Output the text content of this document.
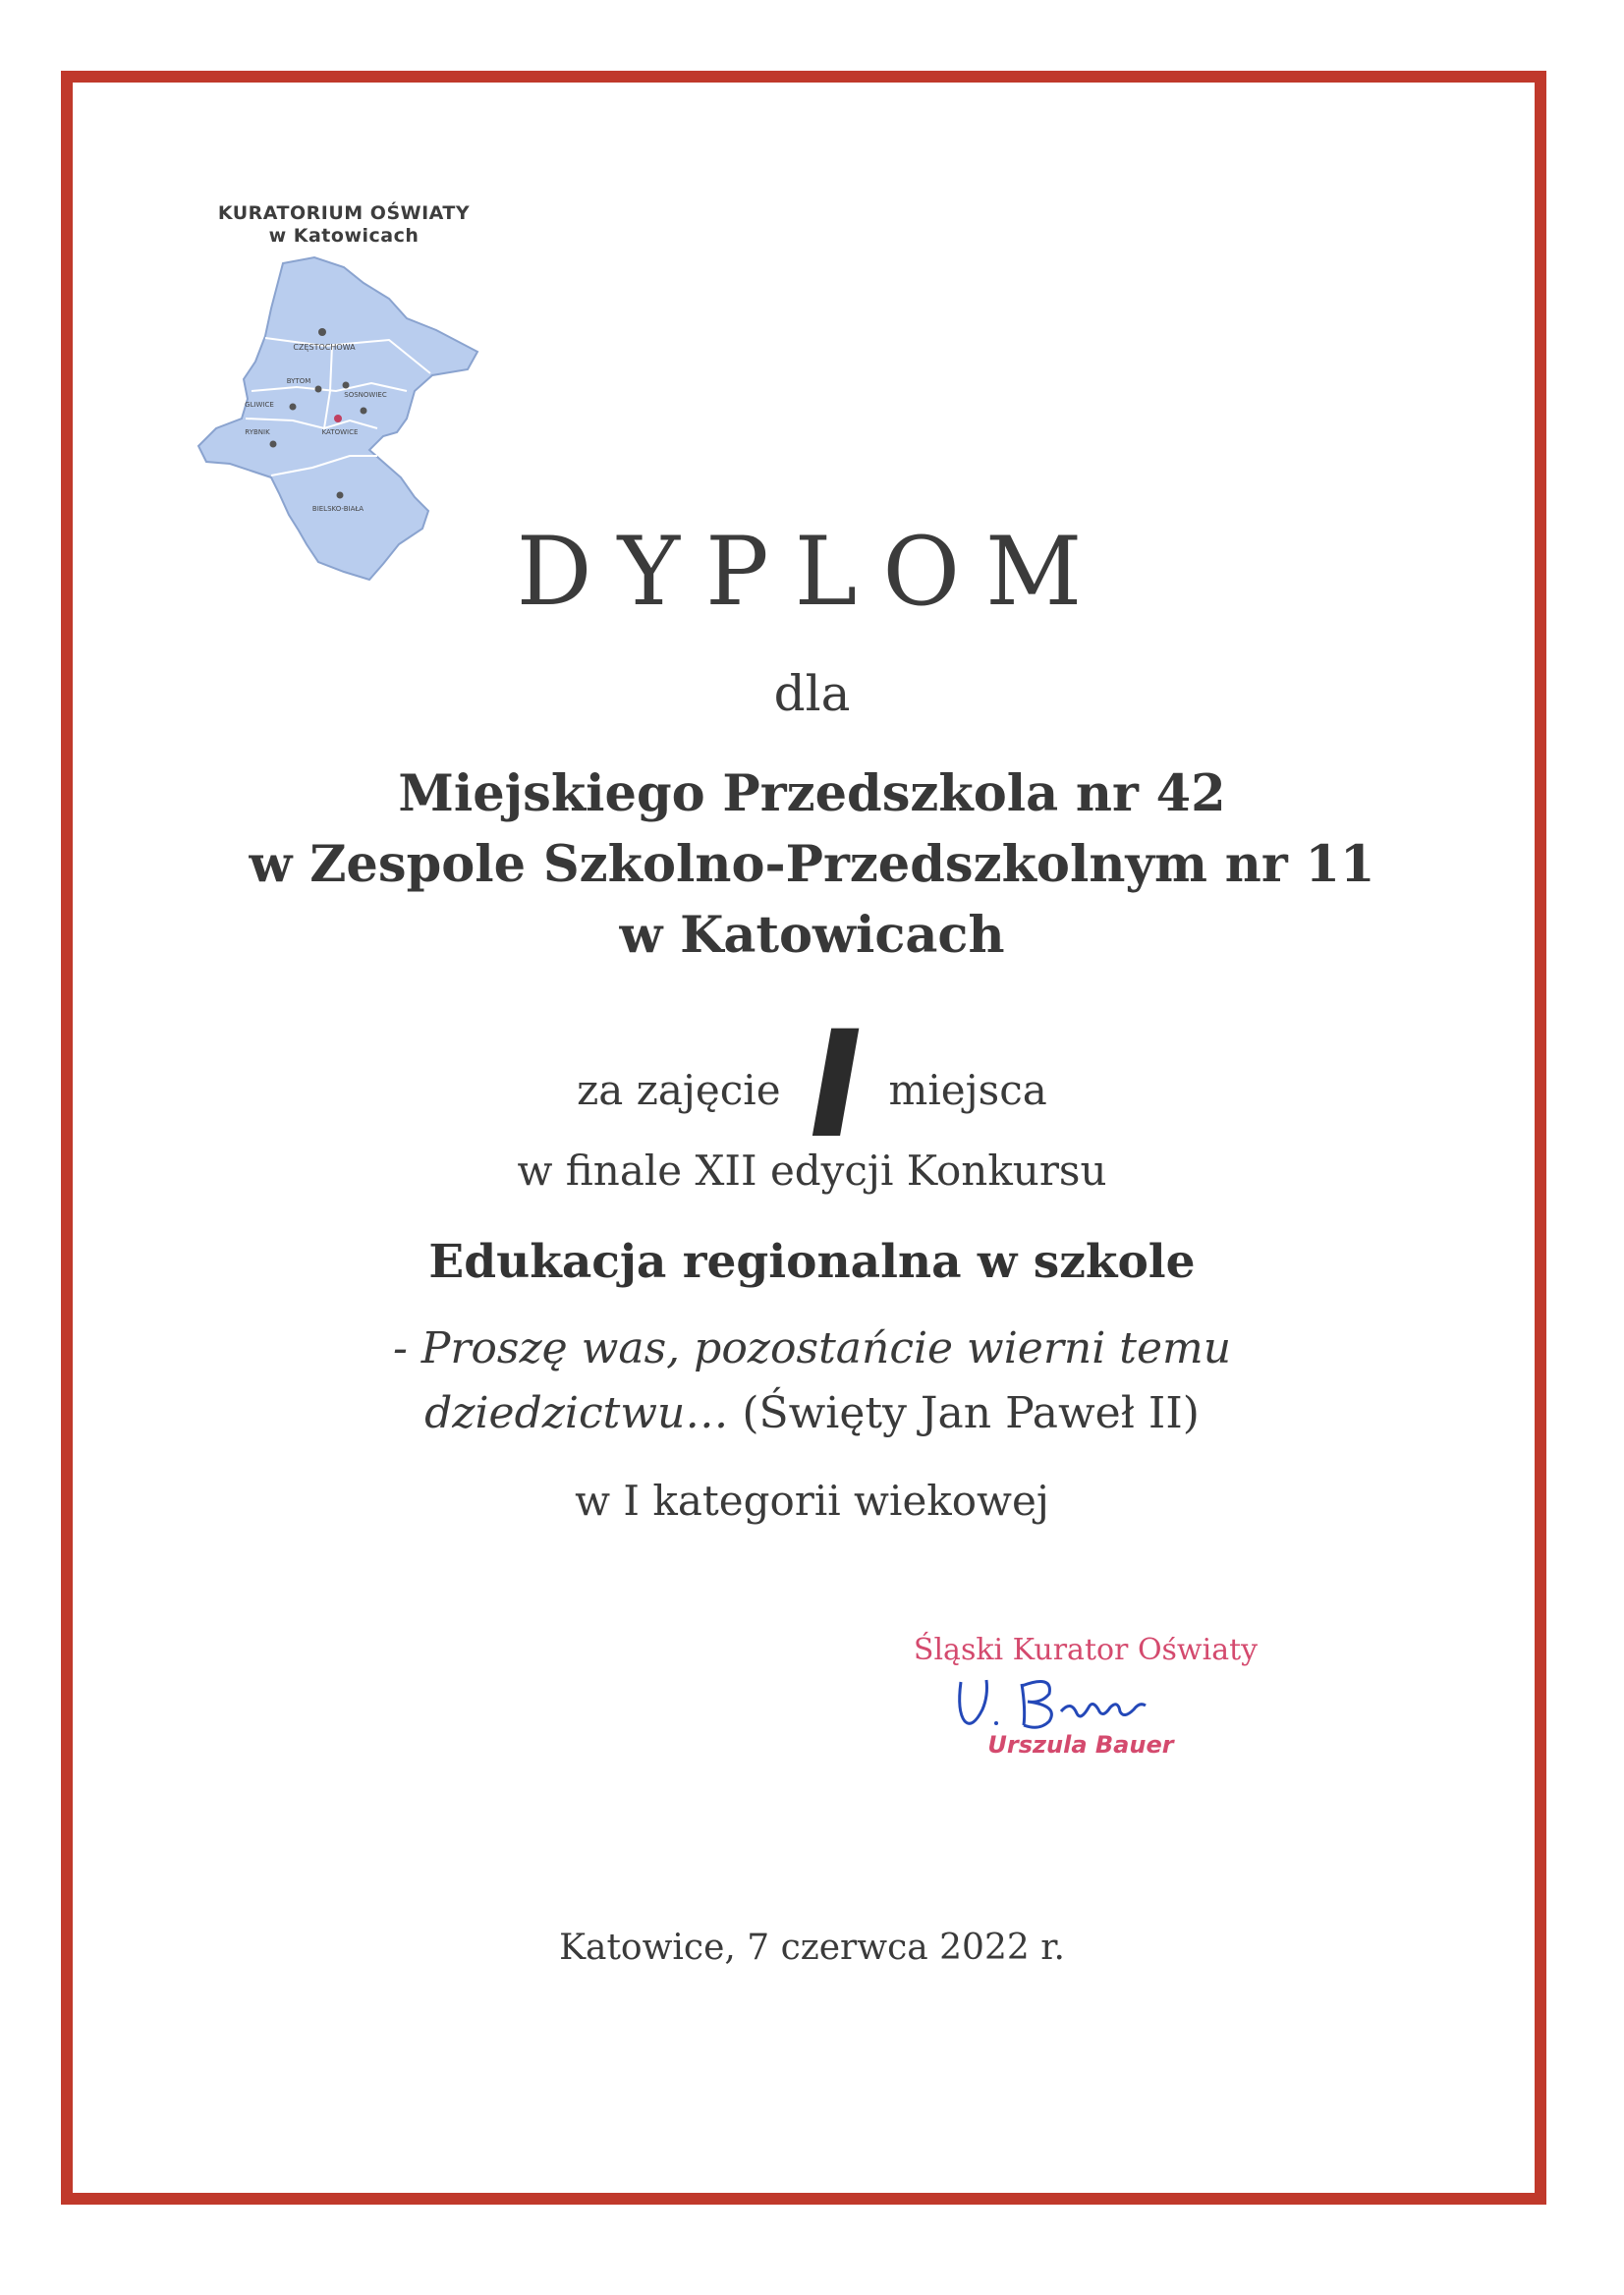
KURATORIUM OŚWIATY
w Katowicach
CZĘSTOCHOWA
BYTOM
SOSNOWIEC
GLIWICE
RYBNIK	KATOWICE
BIELSKO-BIAŁA
DYPLOM
dla
Miejskiego Przedszkola nr 42
w Zespole Szkolno-Przedszkolnym nr 11
w Katowicach
za zajęcie	miejsca
I
w finale XII edycji Konkursu
Edukacja regionalna w szkole
- Proszę was, pozostańcie wierni temu
dziedzictwu… (Święty Jan Paweł II)
w I kategorii wiekowej
Śląski Kurator Oświaty
Urszula Bauer
Katowice, 7 czerwca 2022 r.
